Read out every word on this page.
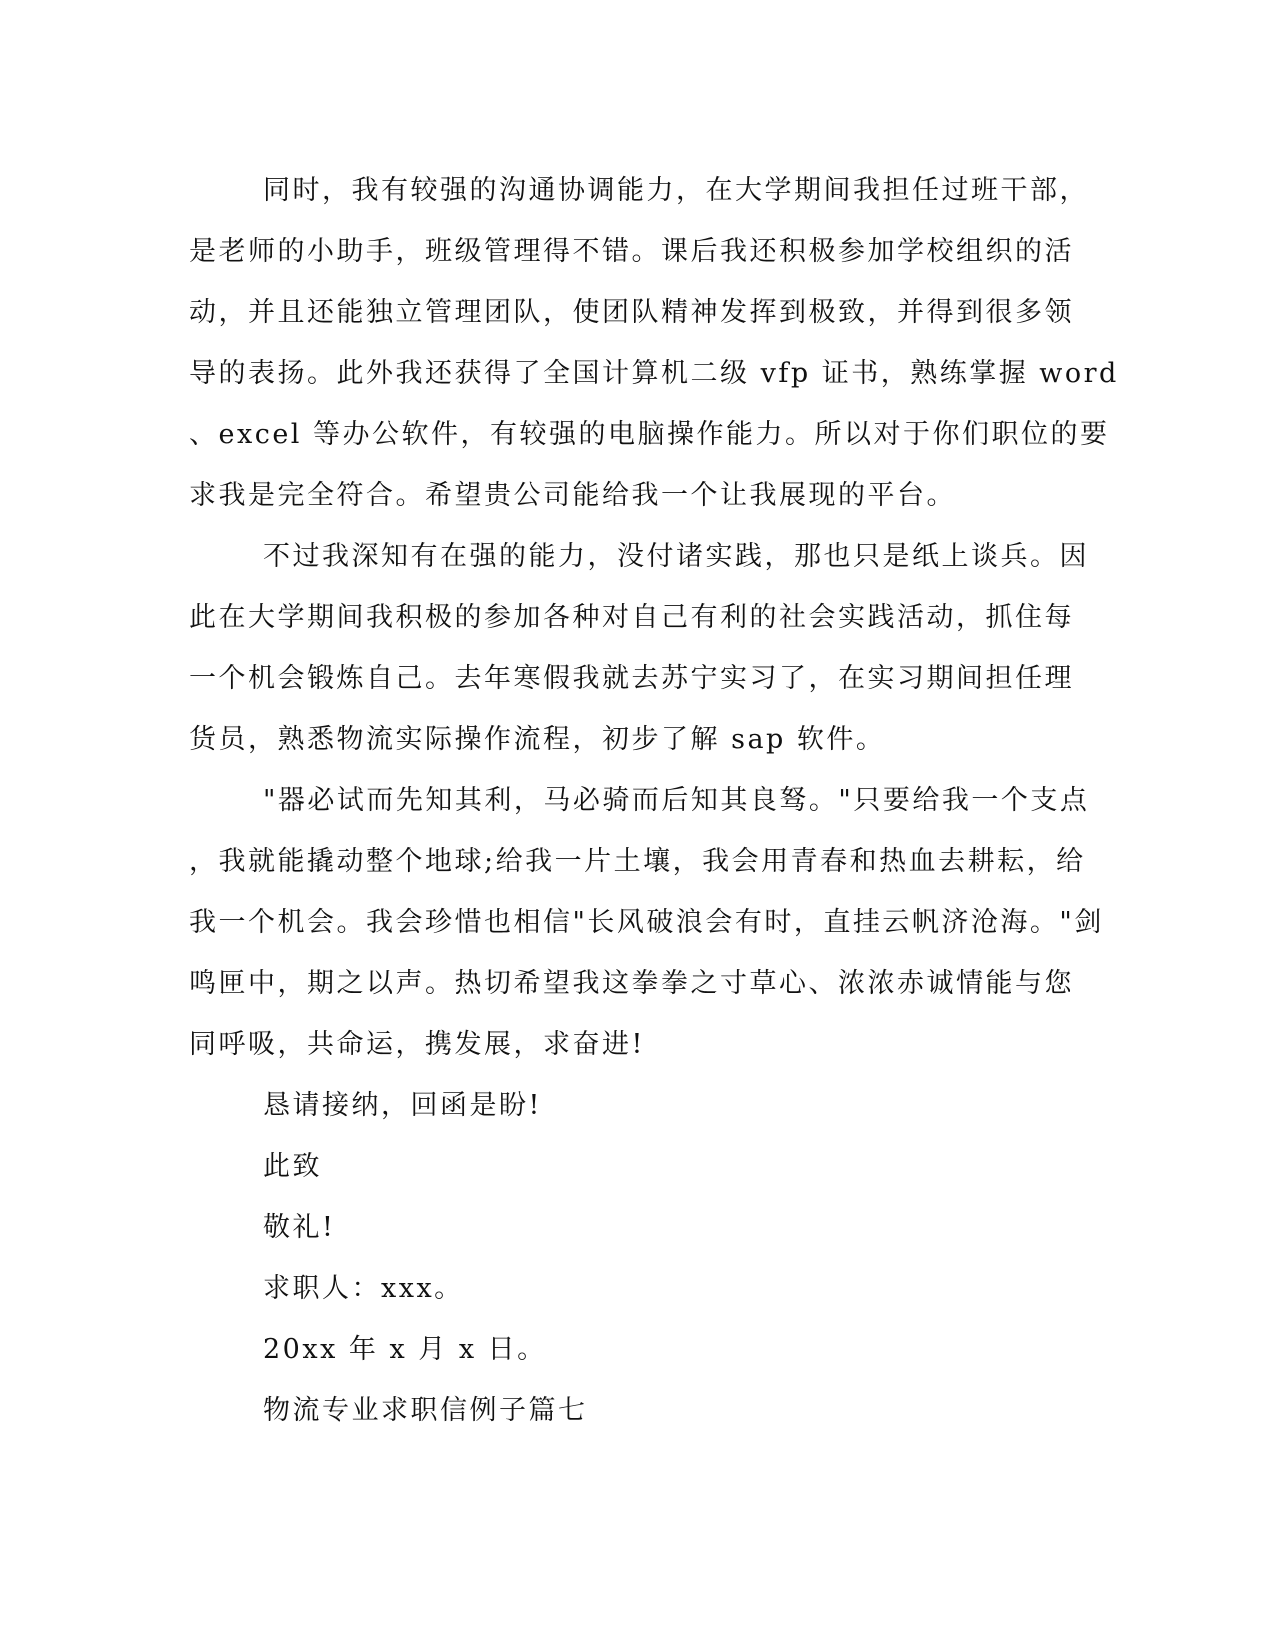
同时，我有较强的沟通协调能力，在大学期间我担任过班干部，
是老师的小助手，班级管理得不错。课后我还积极参加学校组织的活
动，并且还能独立管理团队，使团队精神发挥到极致，并得到很多领
导的表扬。此外我还获得了全国计算机二级 vfp 证书，熟练掌握 word
、excel 等办公软件，有较强的电脑操作能力。所以对于你们职位的要
求我是完全符合。希望贵公司能给我一个让我展现的平台。
不过我深知有在强的能力，没付诸实践，那也只是纸上谈兵。因
此在大学期间我积极的参加各种对自己有利的社会实践活动，抓住每
一个机会锻炼自己。去年寒假我就去苏宁实习了，在实习期间担任理
货员，熟悉物流实际操作流程，初步了解 sap 软件。
"器必试而先知其利，马必骑而后知其良驽。"只要给我一个支点
，我就能撬动整个地球;给我一片土壤，我会用青春和热血去耕耘，给
我一个机会。我会珍惜也相信"长风破浪会有时，直挂云帆济沧海。"剑
鸣匣中，期之以声。热切希望我这拳拳之寸草心、浓浓赤诚情能与您
同呼吸，共命运，携发展，求奋进!
恳请接纳，回函是盼!
此致
敬礼!
求职人：xxx。
20xx 年 x 月 x 日。
物流专业求职信例子篇七
